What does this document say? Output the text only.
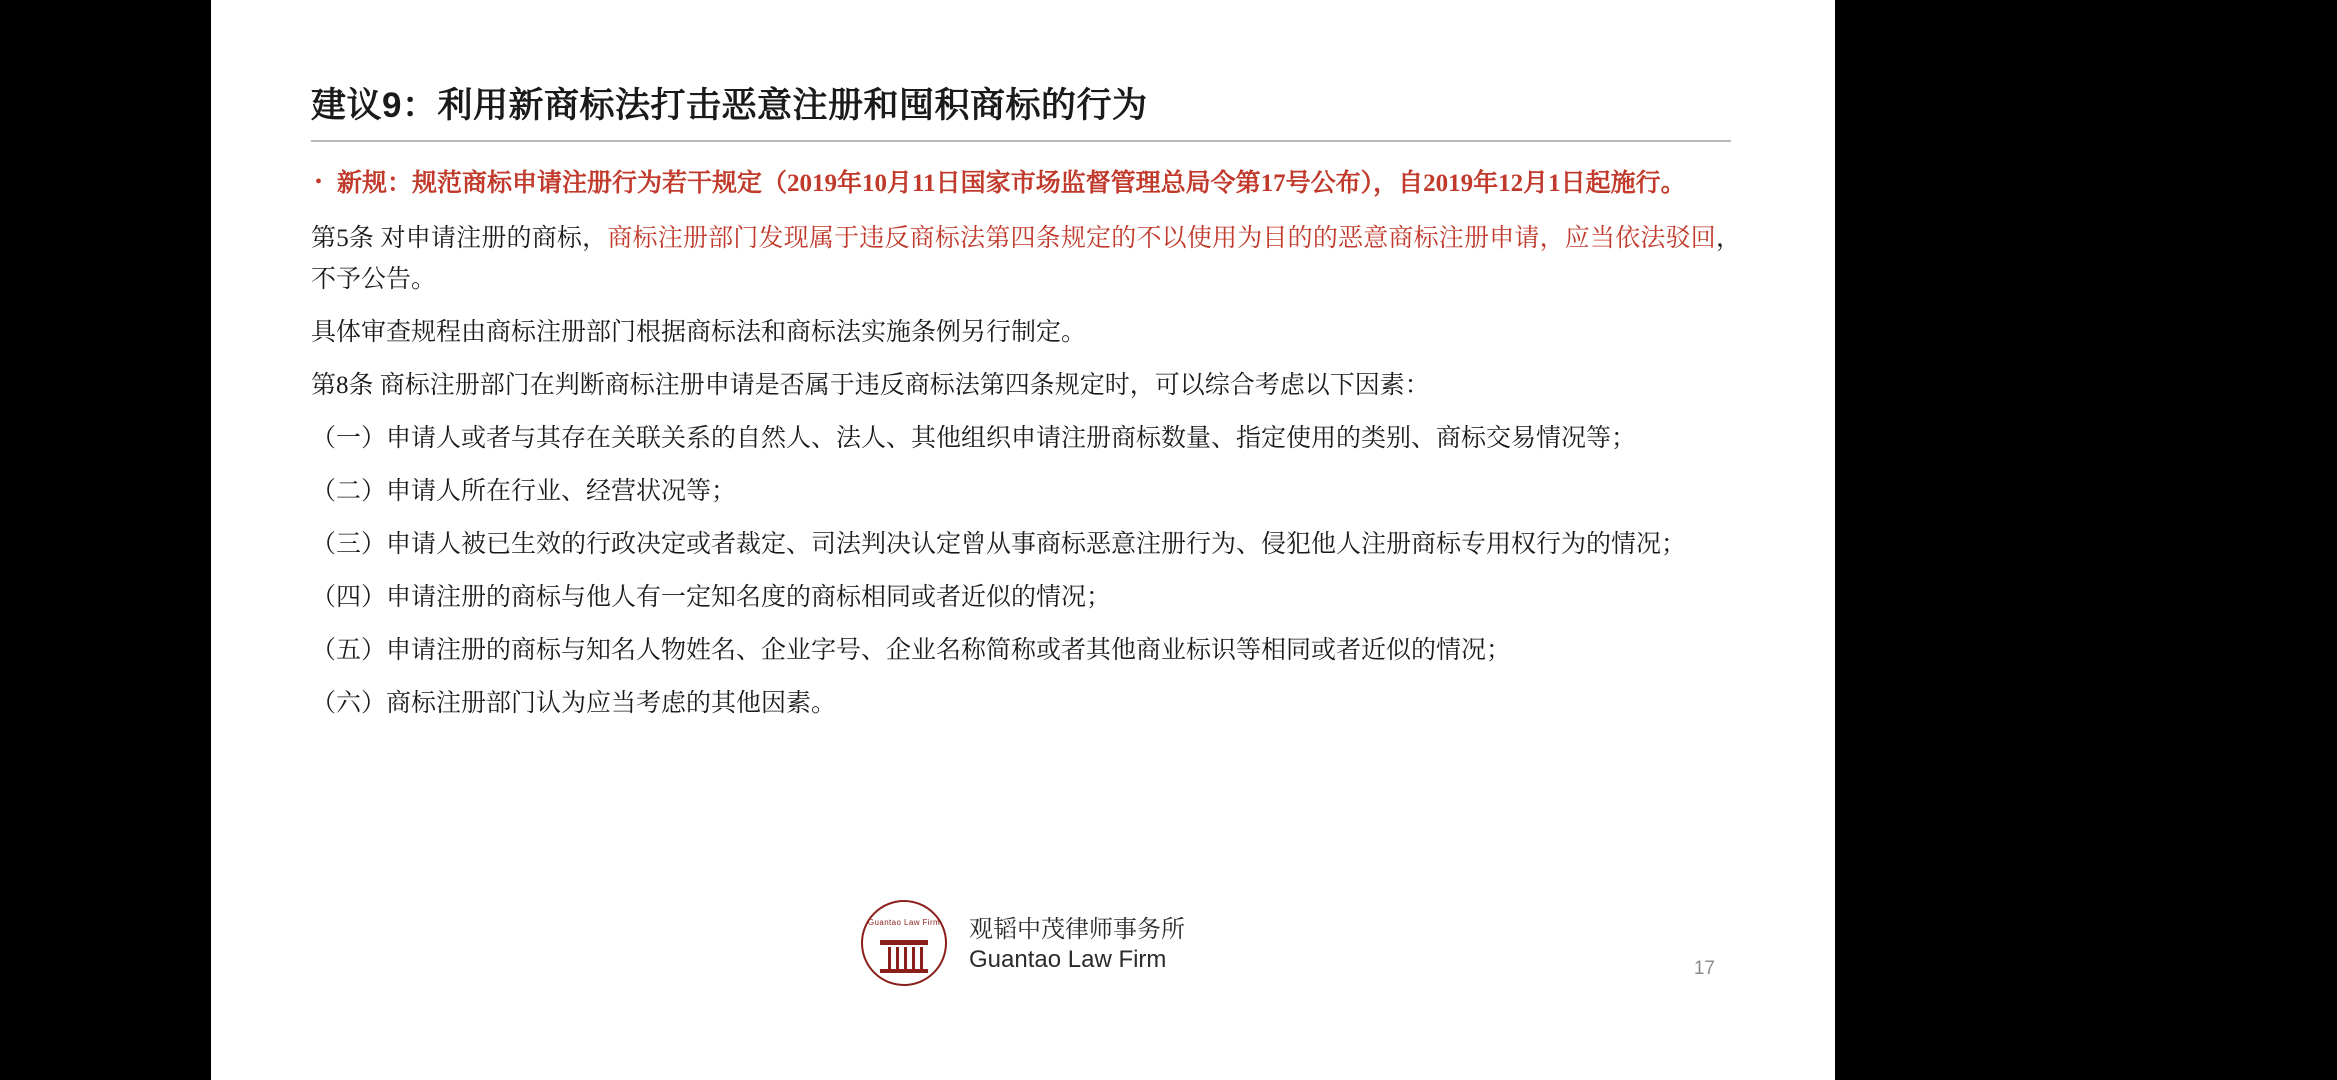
建议9：利用新商标法打击恶意注册和囤积商标的行为
• 新规：规范商标申请注册行为若干规定（2019年10月11日国家市场监督管理总局令第17号公布），自2019年12月1日起施行。
第5条 对申请注册的商标，商标注册部门发现属于违反商标法第四条规定的不以使用为目的的恶意商标注册申请，应当依法驳回，不予公告。
具体审查规程由商标注册部门根据商标法和商标法实施条例另行制定。
第8条 商标注册部门在判断商标注册申请是否属于违反商标法第四条规定时，可以综合考虑以下因素：
（一）申请人或者与其存在关联关系的自然人、法人、其他组织申请注册商标数量、指定使用的类别、商标交易情况等；
（二）申请人所在行业、经营状况等；
（三）申请人被已生效的行政决定或者裁定、司法判决认定曾从事商标恶意注册行为、侵犯他人注册商标专用权行为的情况；
（四）申请注册的商标与他人有一定知名度的商标相同或者近似的情况；
（五）申请注册的商标与知名人物姓名、企业字号、企业名称简称或者其他商业标识等相同或者近似的情况；
（六）商标注册部门认为应当考虑的其他因素。
Guantao Law Firm 观韬中茂律师事务所
Guantao Law Firm	17
